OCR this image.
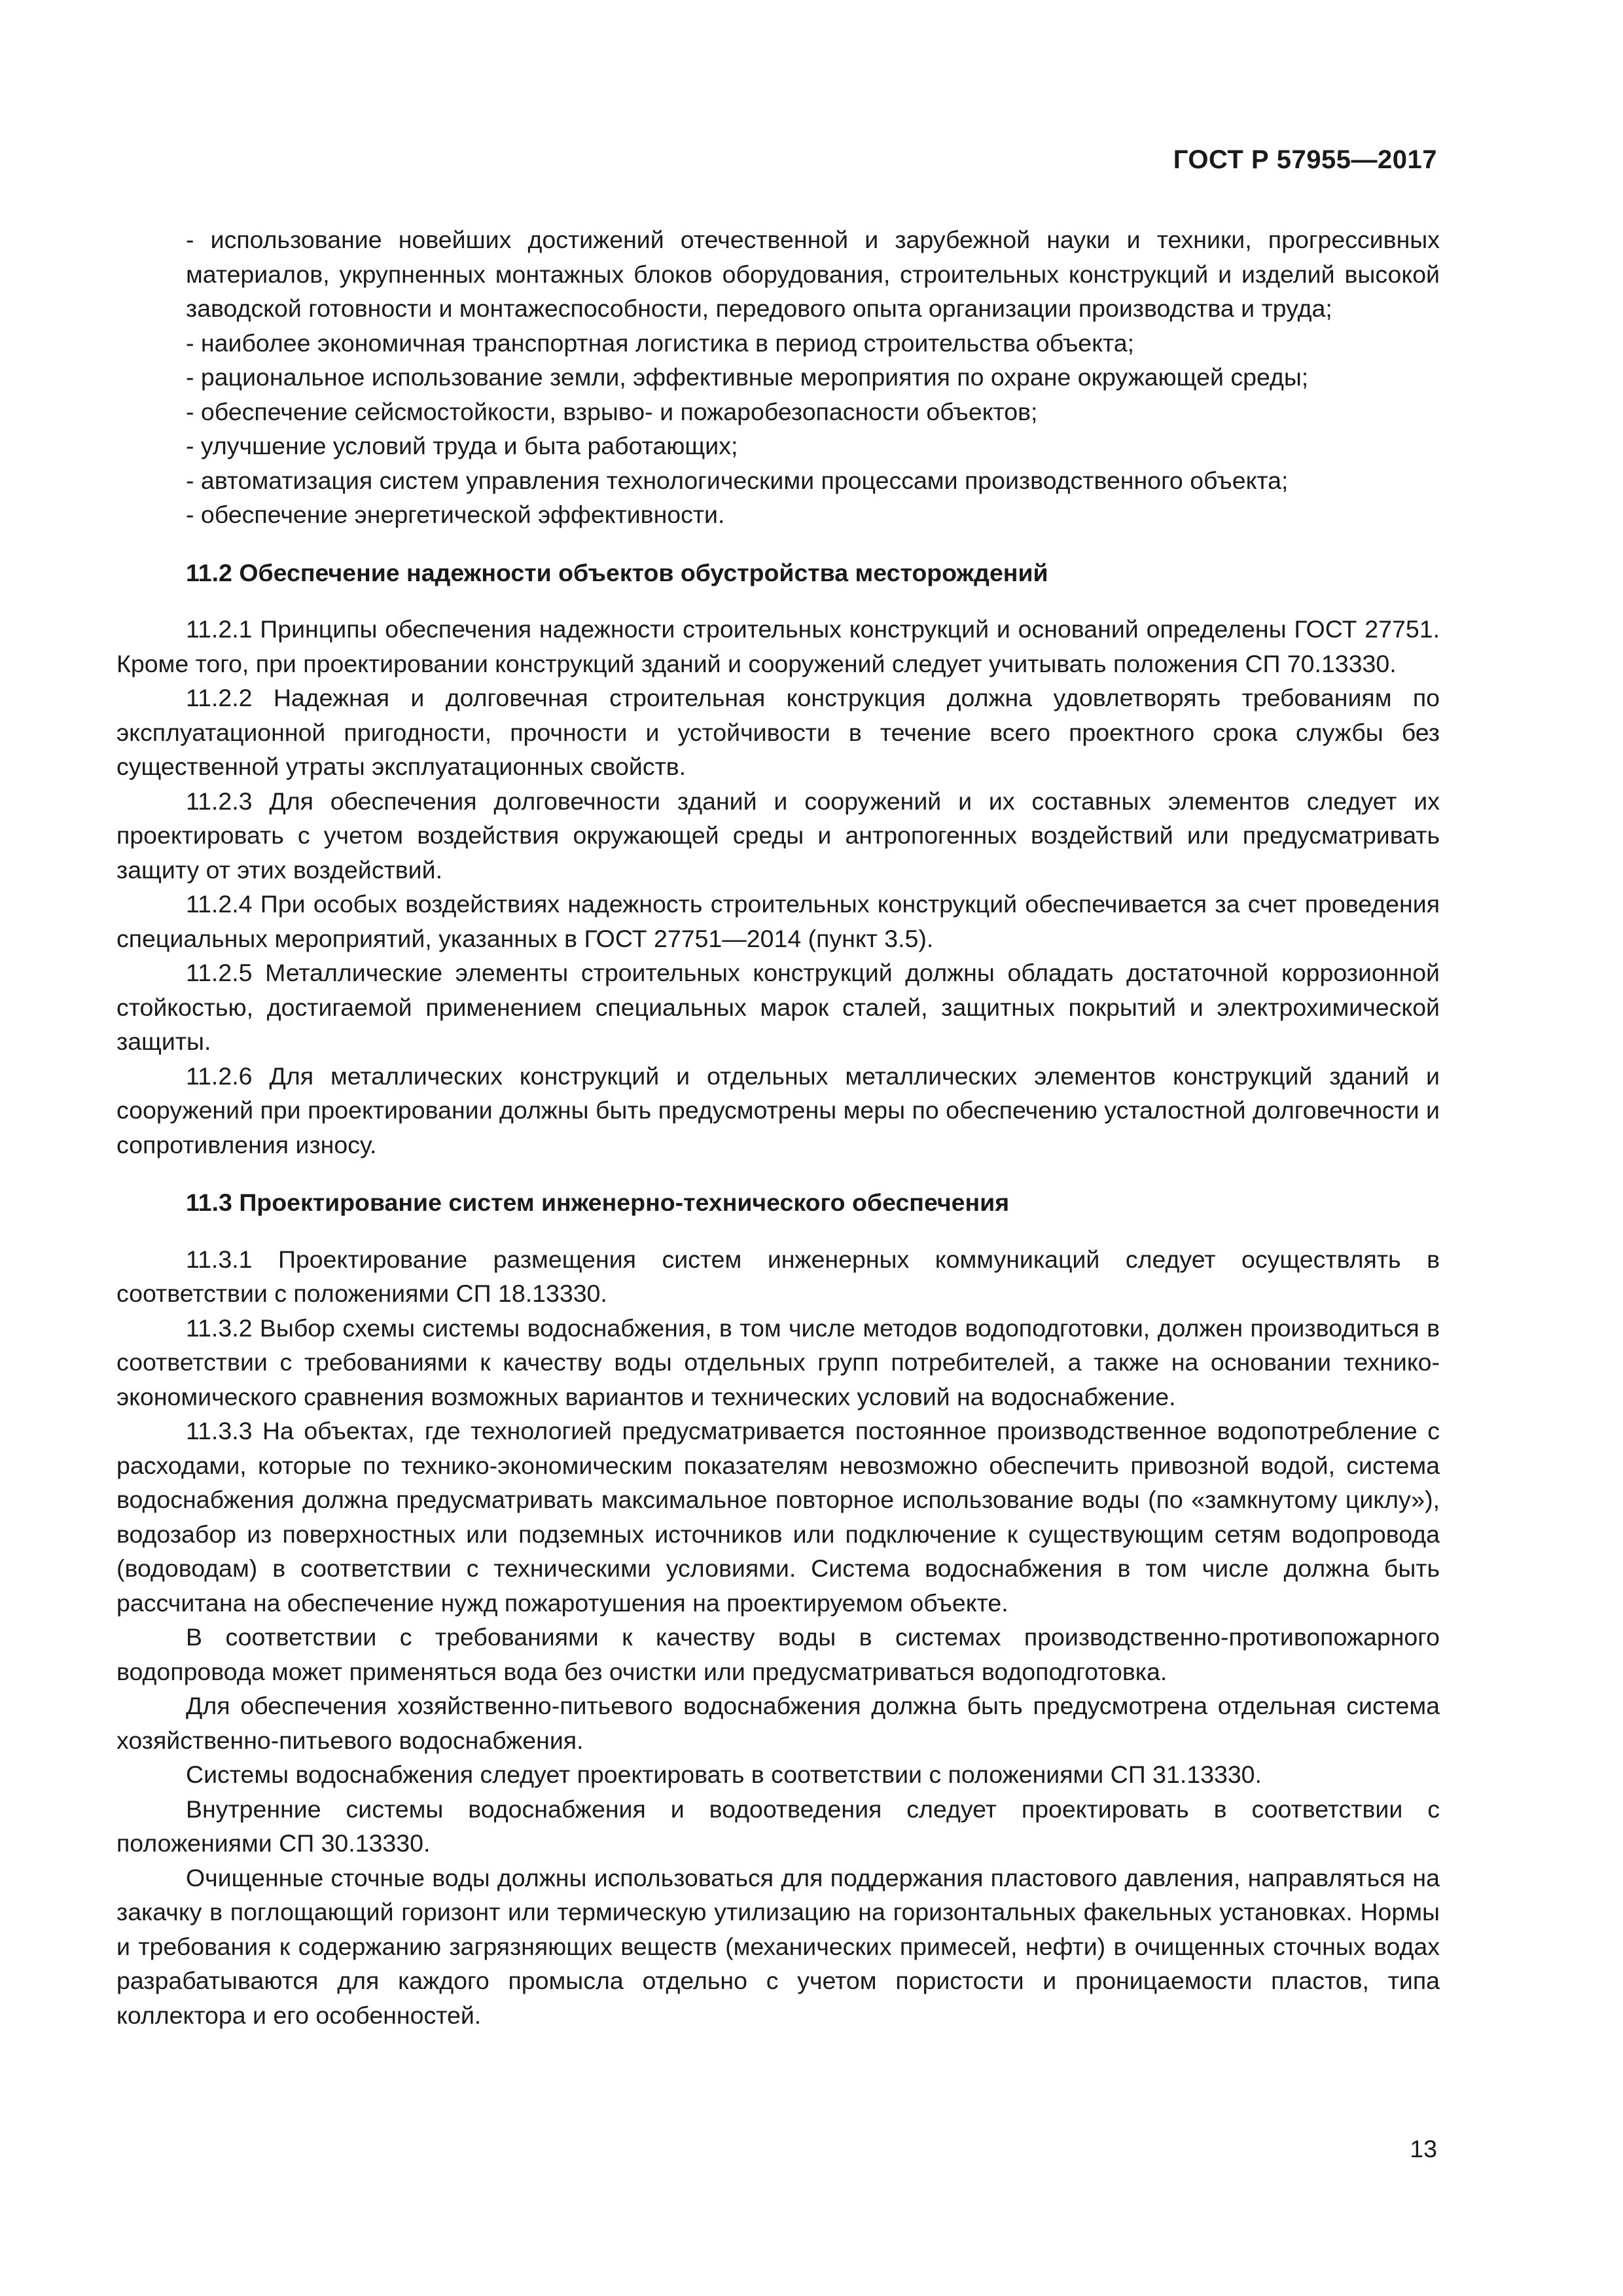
ГОСТ Р 57955—2017

- использование новейших достижений отечественной и зарубежной науки и техники, прогрессивных материалов, укрупненных монтажных блоков оборудования, строительных конструкций и изделий высокой заводской готовности и монтажеспособности, передового опыта организации производства и труда;

- наиболее экономичная транспортная логистика в период строительства объекта;

- рациональное использование земли, эффективные мероприятия по охране окружающей среды;

- обеспечение сейсмостойкости, взрыво- и пожаробезопасности объектов;

- улучшение условий труда и быта работающих;

- автоматизация систем управления технологическими процессами производственного объекта;

- обеспечение энергетической эффективности.

11.2 Обеспечение надежности объектов обустройства месторождений

11.2.1 Принципы обеспечения надежности строительных конструкций и оснований определены ГОСТ 27751. Кроме того, при проектировании конструкций зданий и сооружений следует учитывать положения СП 70.13330.

11.2.2 Надежная и долговечная строительная конструкция должна удовлетворять требованиям по эксплуатационной пригодности, прочности и устойчивости в течение всего проектного срока службы без существенной утраты эксплуатационных свойств.

11.2.3 Для обеспечения долговечности зданий и сооружений и их составных элементов следует их проектировать с учетом воздействия окружающей среды и антропогенных воздействий или предусматривать защиту от этих воздействий.

11.2.4 При особых воздействиях надежность строительных конструкций обеспечивается за счет проведения специальных мероприятий, указанных в ГОСТ 27751—2014 (пункт 3.5).

11.2.5 Металлические элементы строительных конструкций должны обладать достаточной коррозионной стойкостью, достигаемой применением специальных марок сталей, защитных покрытий и электрохимической защиты.

11.2.6 Для металлических конструкций и отдельных металлических элементов конструкций зданий и сооружений при проектировании должны быть предусмотрены меры по обеспечению усталостной долговечности и сопротивления износу.

11.3 Проектирование систем инженерно-технического обеспечения

11.3.1 Проектирование размещения систем инженерных коммуникаций следует осуществлять в соответствии с положениями СП 18.13330.

11.3.2 Выбор схемы системы водоснабжения, в том числе методов водоподготовки, должен производиться в соответствии с требованиями к качеству воды отдельных групп потребителей, а также на основании технико-экономического сравнения возможных вариантов и технических условий на водоснабжение.

11.3.3 На объектах, где технологией предусматривается постоянное производственное водопотребление с расходами, которые по технико-экономическим показателям невозможно обеспечить привозной водой, система водоснабжения должна предусматривать максимальное повторное использование воды (по «замкнутому циклу»), водозабор из поверхностных или подземных источников или подключение к существующим сетям водопровода (водоводам) в соответствии с техническими условиями. Система водоснабжения в том числе должна быть рассчитана на обеспечение нужд пожаротушения на проектируемом объекте.

В соответствии с требованиями к качеству воды в системах производственно-противопожарного водопровода может применяться вода без очистки или предусматриваться водоподготовка.

Для обеспечения хозяйственно-питьевого водоснабжения должна быть предусмотрена отдельная система хозяйственно-питьевого водоснабжения.

Системы водоснабжения следует проектировать в соответствии с положениями СП 31.13330.

Внутренние системы водоснабжения и водоотведения следует проектировать в соответствии с положениями СП 30.13330.

Очищенные сточные воды должны использоваться для поддержания пластового давления, направляться на закачку в поглощающий горизонт или термическую утилизацию на горизонтальных факельных установках. Нормы и требования к содержанию загрязняющих веществ (механических примесей, нефти) в очищенных сточных водах разрабатываются для каждого промысла отдельно с учетом пористости и проницаемости пластов, типа коллектора и его особенностей.

13
